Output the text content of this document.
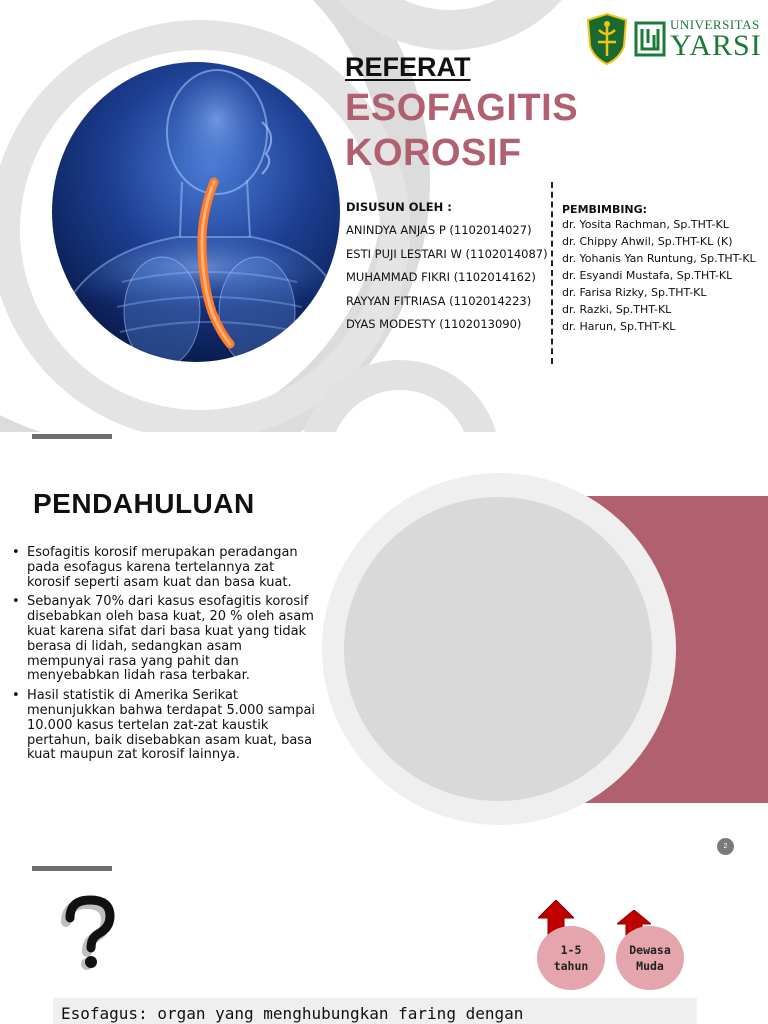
UNIVERSITAS
YARSI
REFERAT
ESOFAGITIS
KOROSIF
DISUSUN OLEH :
ANINDYA ANJAS P (1102014027)
ESTI PUJI LESTARI W (1102014087)
MUHAMMAD FIKRI (1102014162)
RAYYAN FITRIASA (1102014223)
DYAS MODESTY (1102013090)
PEMBIMBING:
dr. Yosita Rachman, Sp.THT-KL
dr. Chippy Ahwil, Sp.THT-KL (K)
dr. Yohanis Yan Runtung, Sp.THT-KL
dr. Esyandi Mustafa, Sp.THT-KL
dr. Farisa Rizky, Sp.THT-KL
dr. Razki, Sp.THT-KL
dr. Harun, Sp.THT-KL
PENDAHULUAN
• Esofagitis korosif merupakan peradangan pada esofagus karena tertelannya zat korosif seperti asam kuat dan basa kuat.
• Sebanyak 70% dari kasus esofagitis korosif disebabkan oleh basa kuat, 20 % oleh asam kuat karena sifat dari basa kuat yang tidak berasa di lidah, sedangkan asam mempunyai rasa yang pahit dan menyebabkan lidah rasa terbakar.
• Hasil statistik di Amerika Serikat menunjukkan bahwa terdapat 5.000 sampai 10.000 kasus tertelan zat-zat kaustik pertahun, baik disebabkan asam kuat, basa kuat maupun zat korosif lainnya.
2
1-5
tahun
Dewasa
Muda
Esofagus: organ yang menghubungkan faring dengan
